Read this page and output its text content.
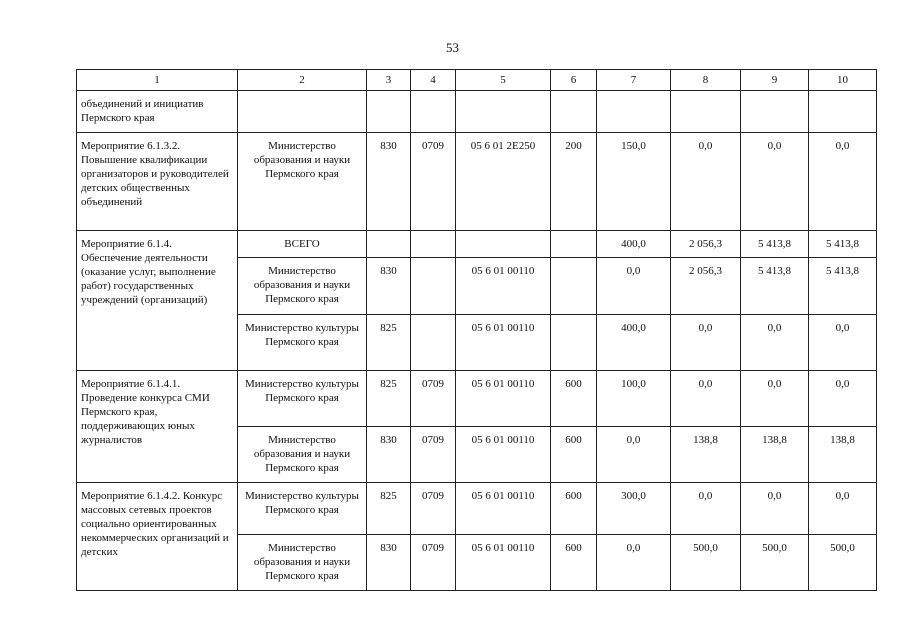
53
1	2	3	4	5	6	7	8	9	10
объединений и инициатив Пермского края									
Мероприятие 6.1.3.2. Повышение квалификации организаторов и руководителей детских общественных объединений	Министерство образования и науки Пермского края	830	0709	05 6 01 2Е250	200	150,0	0,0	0,0	0,0
Мероприятие 6.1.4. Обеспечение деятельности (оказание услуг, выполнение работ) государственных учреждений (организаций)	ВСЕГО					400,0	2 056,3	5 413,8	5 413,8
	Министерство образования и науки Пермского края	830		05 6 01 00110		0,0	2 056,3	5 413,8	5 413,8
	Министерство культуры Пермского края	825		05 6 01 00110		400,0	0,0	0,0	0,0
Мероприятие 6.1.4.1. Проведение конкурса СМИ Пермского края, поддерживающих юных журналистов	Министерство культуры Пермского края	825	0709	05 6 01 00110	600	100,0	0,0	0,0	0,0
	Министерство образования и науки Пермского края	830	0709	05 6 01 00110	600	0,0	138,8	138,8	138,8
Мероприятие 6.1.4.2. Конкурс массовых сетевых проектов социально ориентированных некоммерческих организаций и детских	Министерство культуры Пермского края	825	0709	05 6 01 00110	600	300,0	0,0	0,0	0,0
	Министерство образования и науки Пермского края	830	0709	05 6 01 00110	600	0,0	500,0	500,0	500,0
